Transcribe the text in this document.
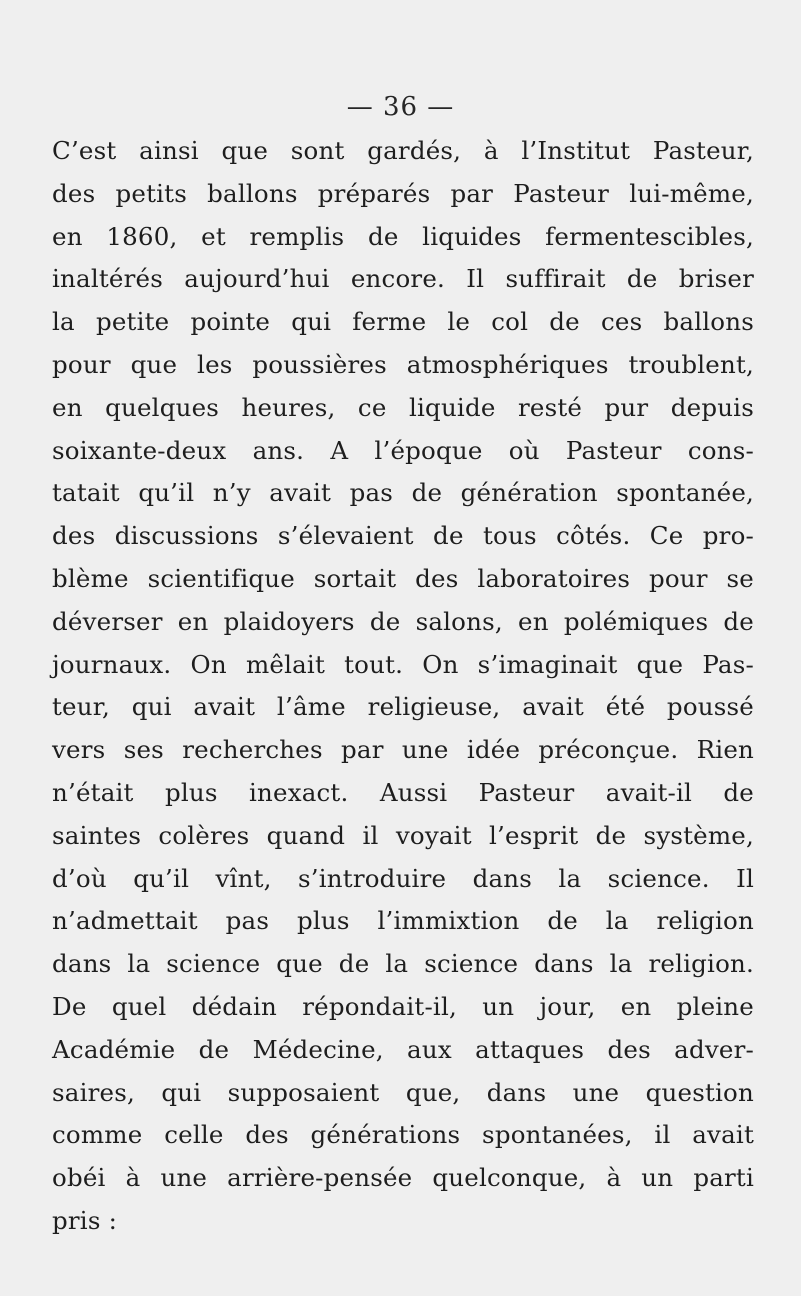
— 36 —
C’est ainsi que sont gardés, à l’Institut Pasteur,
des petits ballons préparés par Pasteur lui-même,
en 1860, et remplis de liquides fermentescibles,
inaltérés aujourd’hui encore. Il suffirait de briser
la petite pointe qui ferme le col de ces ballons
pour que les poussières atmosphériques troublent,
en quelques heures, ce liquide resté pur depuis
soixante-deux ans. A l’époque où Pasteur cons-
tatait qu’il n’y avait pas de génération spontanée,
des discussions s’élevaient de tous côtés. Ce pro-
blème scientifique sortait des laboratoires pour se
déverser en plaidoyers de salons, en polémiques de
journaux. On mêlait tout. On s’imaginait que Pas-
teur, qui avait l’âme religieuse, avait été poussé
vers ses recherches par une idée préconçue. Rien
n’était plus inexact. Aussi Pasteur avait-il de
saintes colères quand il voyait l’esprit de système,
d’où qu’il vînt, s’introduire dans la science. Il
n’admettait pas plus l’immixtion de la religion
dans la science que de la science dans la religion.
De quel dédain répondait-il, un jour, en pleine
Académie de Médecine, aux attaques des adver-
saires, qui supposaient que, dans une question
comme celle des générations spontanées, il avait
obéi à une arrière-pensée quelconque, à un parti
pris :
